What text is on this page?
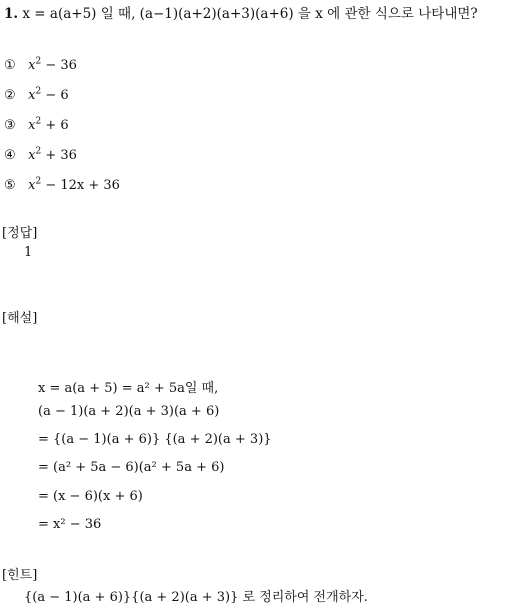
1. x = a(a+5) 일 때, (a−1)(a+2)(a+3)(a+6) 을 x 에 관한 식으로 나타내면?
① $x^2 - 36$
② $x^2 - 6$
③ $x^2 + 6$
④ $x^2 + 36$
⑤ $x^2 - 12x + 36$
[정답]
1
[해설]
x = a(a + 5) = a² + 5a일 때,
(a − 1)(a + 2)(a + 3)(a + 6)
= {(a − 1)(a + 6)} {(a + 2)(a + 3)}
= (a² + 5a − 6)(a² + 5a + 6)
= (x − 6)(x + 6)
= x² − 36
[힌트]
{(a − 1)(a + 6)}{(a + 2)(a + 3)} 로 정리하여 전개하자.
